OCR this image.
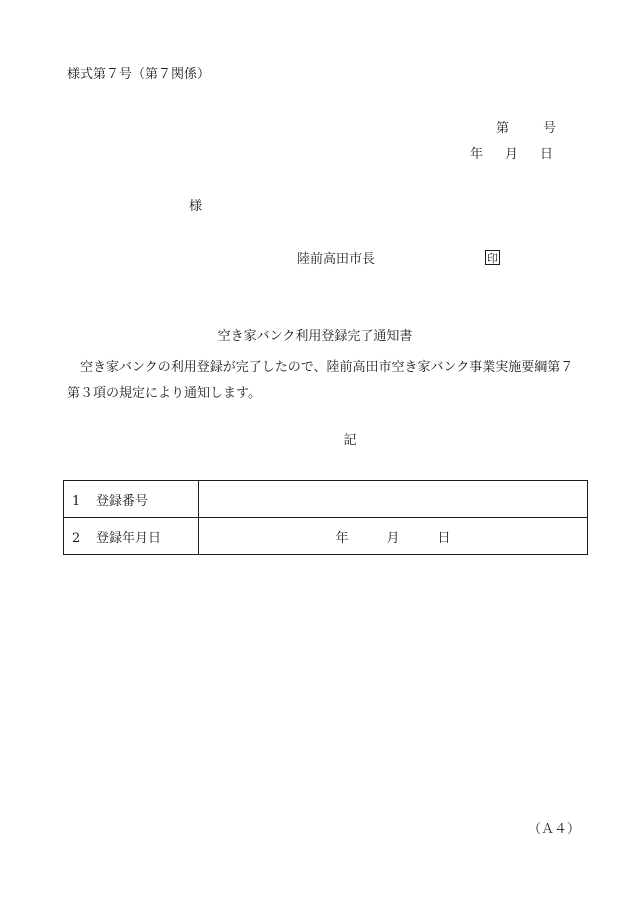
様式第７号（第７関係）
第	号
年 月 日
様
陸前高田市長	印
空き家バンク利用登録完了通知書
空き家バンクの利用登録が完了したので、陸前高田市空き家バンク事業実施要綱第７第３項の規定により通知します。
記
1 登録番号	
2 登録年月日	年 月 日
（Ａ４）
